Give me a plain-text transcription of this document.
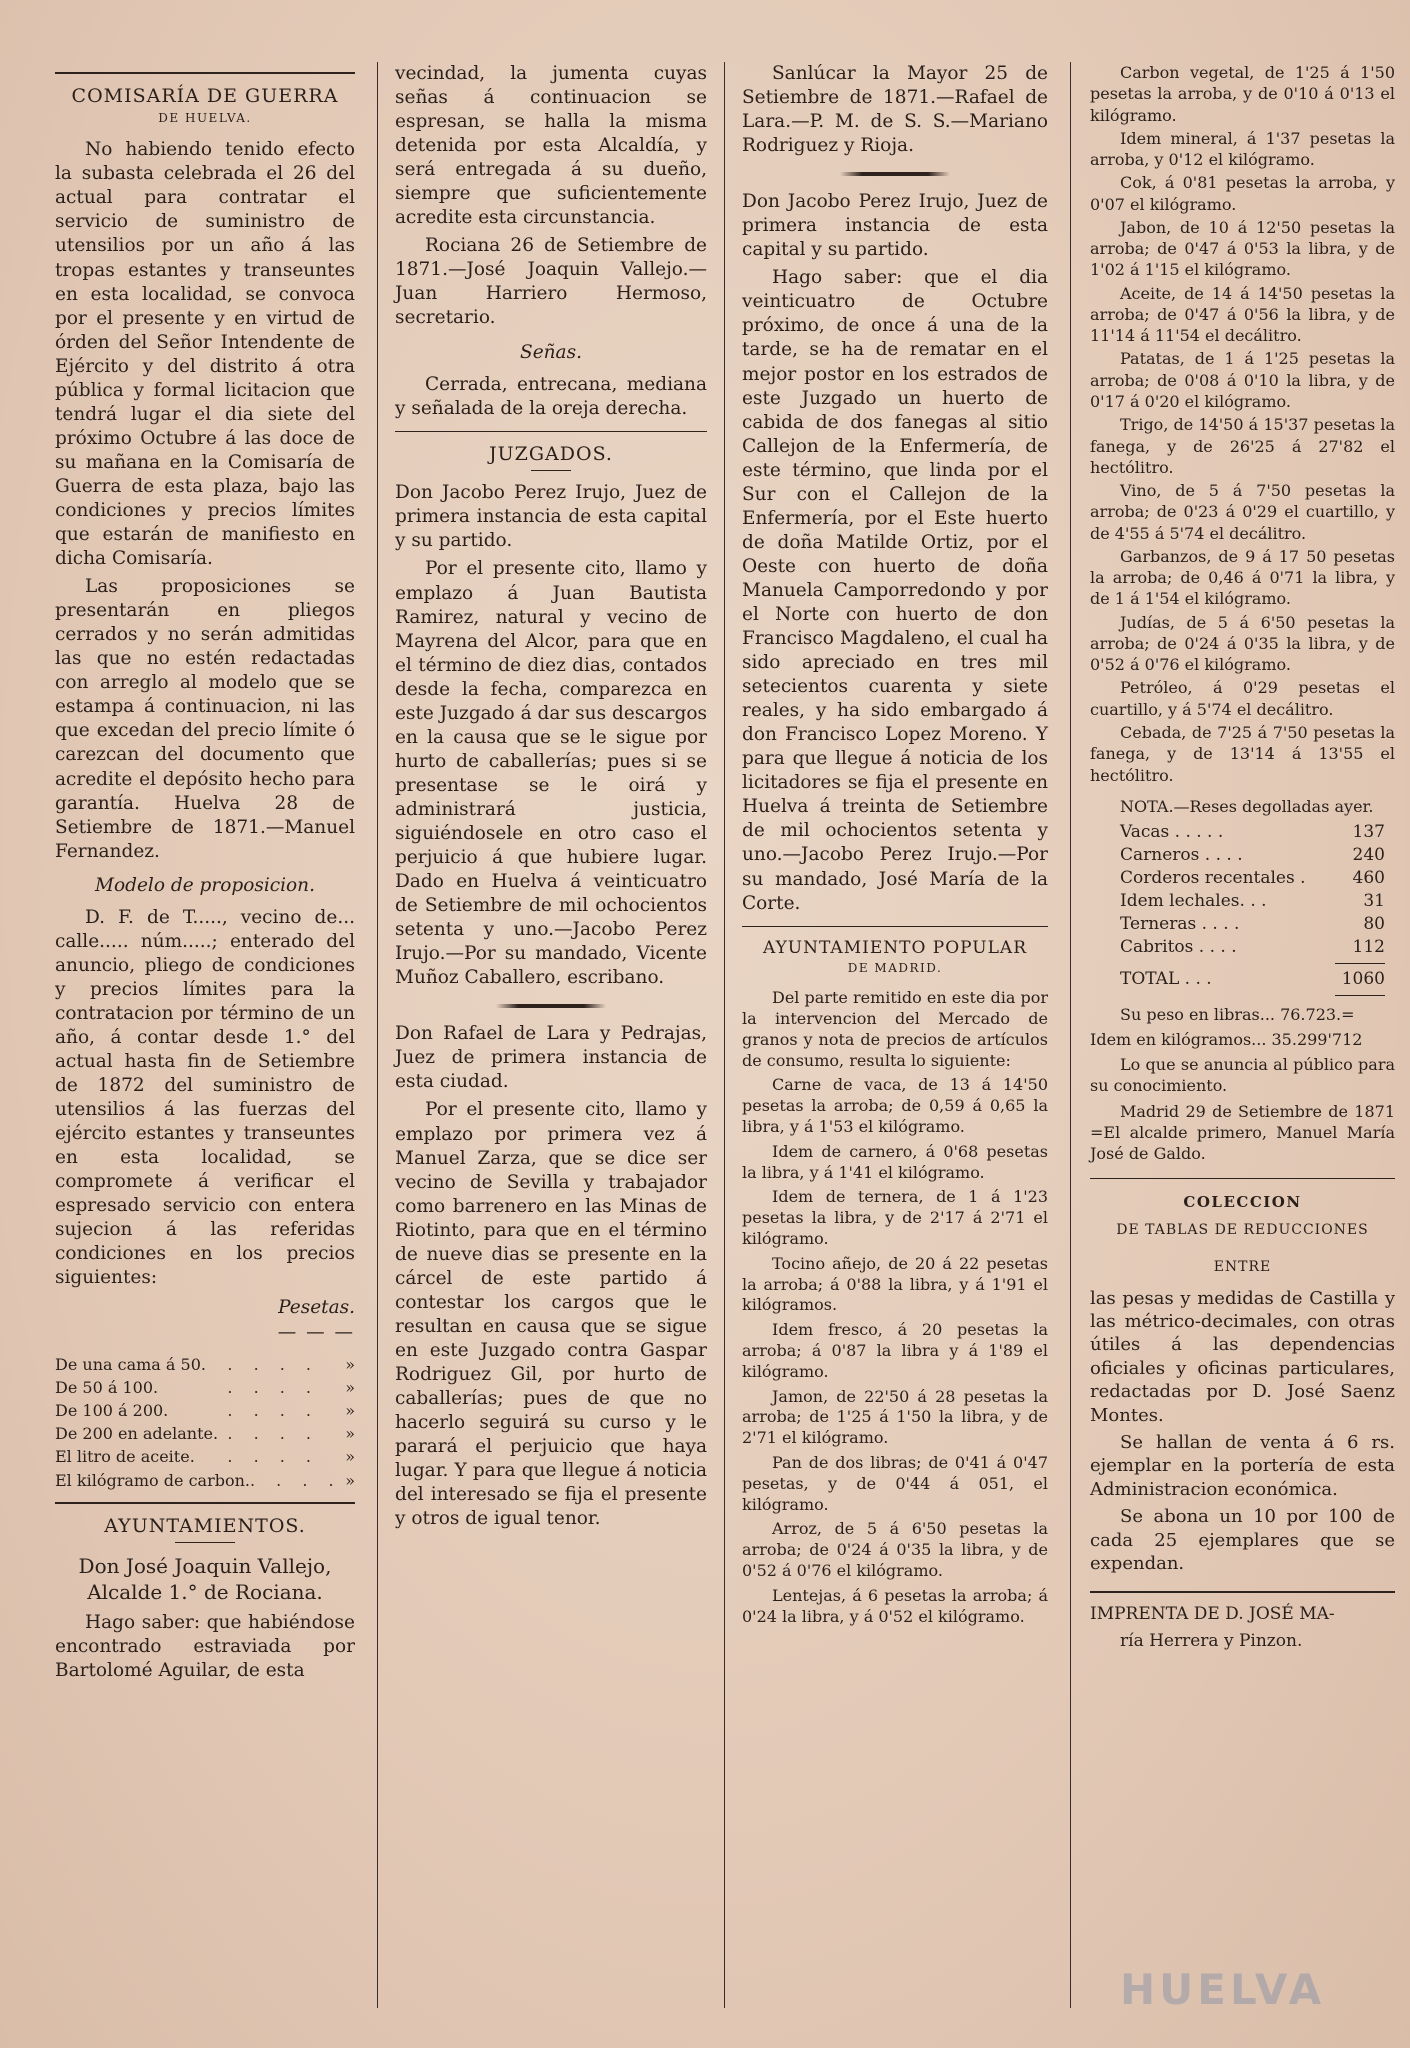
COMISARÍA DE GUERRA
DE HUELVA.

No habiendo tenido efecto la subasta celebrada el 26 del actual para contratar el servicio de suministro de utensilios por un año á las tropas estantes y transeuntes en esta localidad, se convoca por el presente y en virtud de órden del Señor Intendente de Ejército y del distrito á otra pública y formal licitacion que tendrá lugar el dia siete del próximo Octubre á las doce de su mañana en la Comisaría de Guerra de esta plaza, bajo las condiciones y precios límites que estarán de manifiesto en dicha Comisaría.

Las proposiciones se presentarán en pliegos cerrados y no serán admitidas las que no estén redactadas con arreglo al modelo que se estampa á continuacion, ni las que excedan del precio límite ó carezcan del documento que acredite el depósito hecho para garantía. Huelva 28 de Setiembre de 1871.—Manuel Fernandez.

Modelo de proposicion.

D. F. de T....., vecino de... calle..... núm.....; enterado del anuncio, pliego de condiciones y precios límites para la contratacion por término de un año, á contar desde 1.° del actual hasta fin de Setiembre de 1872 del suministro de utensilios á las fuerzas del ejército estantes y transeuntes en esta localidad, se compromete á verificar el espresado servicio con entera sujecion á las referidas condiciones en los precios siguientes:

Pesetas.
— — —
De una cama á 50.	. . . .	»
De 50 á 100.	. . . .	»
De 100 á 200.	. . . .	»
De 200 en adelante. . . . .	»
El litro de aceite.	. . . .	»
El kilógramo de carbon. . . . . »
AYUNTAMIENTOS.
Don José Joaquin Vallejo, Alcalde 1.° de Rociana.

Hago saber: que habiéndose encontrado estraviada por Bartolomé Aguilar, de esta

vecindad, la jumenta cuyas señas á continuacion se espresan, se halla la misma detenida por esta Alcaldía, y será entregada á su dueño, siempre que suficientemente acredite esta circunstancia.

Rociana 26 de Setiembre de 1871.—José Joaquin Vallejo.—Juan Harriero Hermoso, secretario.

Señas.

Cerrada, entrecana, mediana y señalada de la oreja derecha.

JUZGADOS.

Don Jacobo Perez Irujo, Juez de primera instancia de esta capital y su partido.

Por el presente cito, llamo y emplazo á Juan Bautista Ramirez, natural y vecino de Mayrena del Alcor, para que en el término de diez dias, contados desde la fecha, comparezca en este Juzgado á dar sus descargos en la causa que se le sigue por hurto de caballerías; pues si se presentase se le oirá y administrará justicia, siguiéndosele en otro caso el perjuicio á que hubiere lugar. Dado en Huelva á veinticuatro de Setiembre de mil ochocientos setenta y uno.—Jacobo Perez Irujo.—Por su mandado, Vicente Muñoz Caballero, escribano.

Don Rafael de Lara y Pedrajas, Juez de primera instancia de esta ciudad.

Por el presente cito, llamo y emplazo por primera vez á Manuel Zarza, que se dice ser vecino de Sevilla y trabajador como barrenero en las Minas de Riotinto, para que en el término de nueve dias se presente en la cárcel de este partido á contestar los cargos que le resultan en causa que se sigue en este Juzgado contra Gaspar Rodriguez Gil, por hurto de caballerías; pues de que no hacerlo seguirá su curso y le parará el perjuicio que haya lugar. Y para que llegue á noticia del interesado se fija el presente y otros de igual tenor.

Sanlúcar la Mayor 25 de Setiembre de 1871.—Rafael de Lara.—P. M. de S. S.—Mariano Rodriguez y Rioja.

Don Jacobo Perez Irujo, Juez de primera instancia de esta capital y su partido.

Hago saber: que el dia veinticuatro de Octubre próximo, de once á una de la tarde, se ha de rematar en el mejor postor en los estrados de este Juzgado un huerto de cabida de dos fanegas al sitio Callejon de la Enfermería, de este término, que linda por el Sur con el Callejon de la Enfermería, por el Este huerto de doña Matilde Ortiz, por el Oeste con huerto de doña Manuela Camporredondo y por el Norte con huerto de don Francisco Magdaleno, el cual ha sido apreciado en tres mil setecientos cuarenta y siete reales, y ha sido embargado á don Francisco Lopez Moreno. Y para que llegue á noticia de los licitadores se fija el presente en Huelva á treinta de Setiembre de mil ochocientos setenta y uno.—Jacobo Perez Irujo.—Por su mandado, José María de la Corte.

AYUNTAMIENTO POPULAR
DE MADRID.

Del parte remitido en este dia por la intervencion del Mercado de granos y nota de precios de artículos de consumo, resulta lo siguiente:

Carne de vaca, de 13 á 14'50 pesetas la arroba; de 0,59 á 0,65 la libra, y á 1'53 el kilógramo.

Idem de carnero, á 0'68 pesetas la libra, y á 1'41 el kilógramo.

Idem de ternera, de 1 á 1'23 pesetas la libra, y de 2'17 á 2'71 el kilógramo.

Tocino añejo, de 20 á 22 pesetas la arroba; á 0'88 la libra, y á 1'91 el kilógramos.

Idem fresco, á 20 pesetas la arroba; á 0'87 la libra y á 1'89 el kilógramo.

Jamon, de 22'50 á 28 pesetas la arroba; de 1'25 á 1'50 la libra, y de 2'71 el kilógramo.

Pan de dos libras; de 0'41 á 0'47 pesetas, y de 0'44 á 051, el kilógramo.

Arroz, de 5 á 6'50 pesetas la arroba; de 0'24 á 0'35 la libra, y de 0'52 á 0'76 el kilógramo.

Lentejas, á 6 pesetas la arroba; á 0'24 la libra, y á 0'52 el kilógramo.

Carbon vegetal, de 1'25 á 1'50 pesetas la arroba, y de 0'10 á 0'13 el kilógramo.

Idem mineral, á 1'37 pesetas la arroba, y 0'12 el kilógramo.

Cok, á 0'81 pesetas la arroba, y 0'07 el kilógramo.

Jabon, de 10 á 12'50 pesetas la arroba; de 0'47 á 0'53 la libra, y de 1'02 á 1'15 el kilógramo.

Aceite, de 14 á 14'50 pesetas la arroba; de 0'47 á 0'56 la libra, y de 11'14 á 11'54 el decálitro.

Patatas, de 1 á 1'25 pesetas la arroba; de 0'08 á 0'10 la libra, y de 0'17 á 0'20 el kilógramo.

Trigo, de 14'50 á 15'37 pesetas la fanega, y de 26'25 á 27'82 el hectólitro.

Vino, de 5 á 7'50 pesetas la arroba; de 0'23 á 0'29 el cuartillo, y de 4'55 á 5'74 el decálitro.

Garbanzos, de 9 á 17 50 pesetas la arroba; de 0,46 á 0'71 la libra, y de 1 á 1'54 el kilógramo.

Judías, de 5 á 6'50 pesetas la arroba; de 0'24 á 0'35 la libra, y de 0'52 á 0'76 el kilógramo.

Petróleo, á 0'29 pesetas el cuartillo, y á 5'74 el decálitro.

Cebada, de 7'25 á 7'50 pesetas la fanega, y de 13'14 á 13'55 el hectólitro.

NOTA.—Reses degolladas ayer.

Vacas . . . . .	137
Carneros . . . .	240
Corderos recentales .	460
Idem lechales. . .	31
Terneras . . . .	80
Cabritos . . . .	112
TOTAL . . .	1060

Su peso en libras... 76.723.=

Idem en kilógramos... 35.299'712

Lo que se anuncia al público para su conocimiento.

Madrid 29 de Setiembre de 1871 =El alcalde primero, Manuel María José de Galdo.

COLECCION
DE TABLAS DE REDUCCIONES
ENTRE

las pesas y medidas de Castilla y las métrico-decimales, con otras útiles á las dependencias oficiales y oficinas particulares, redactadas por D. José Saenz Montes.

Se hallan de venta á 6 rs. ejemplar en la portería de esta Administracion económica.

Se abona un 10 por 100 de cada 25 ejemplares que se expendan.

IMPRENTA DE D. JOSÉ MA-

ría Herrera y Pinzon.

HUELVA
